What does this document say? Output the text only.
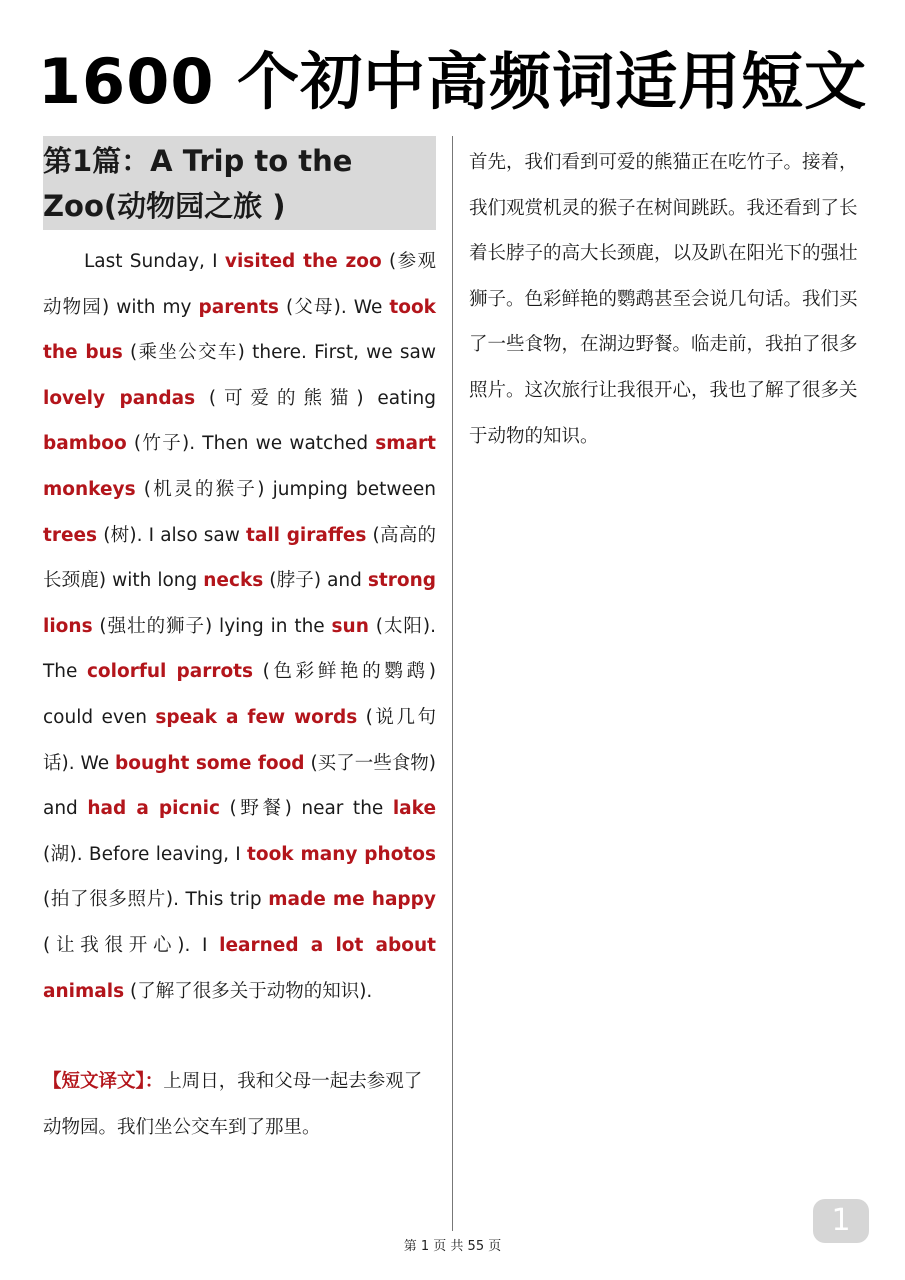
1600 个初中高频词适用短文
第1篇：A Trip to the Zoo(动物园之旅 )

Last Sunday, I visited the zoo (参观动物园) with my parents (父母). We took the bus (乘坐公交车) there. First, we saw lovely pandas (可爱的熊猫) eating bamboo (竹子). Then we watched smart monkeys (机灵的猴子) jumping between trees (树). I also saw tall giraffes (高高的长颈鹿) with long necks (脖子) and strong lions (强壮的狮子) lying in the sun (太阳). The colorful parrots (色彩鲜艳的鹦鹉) could even speak a few words (说几句话). We bought some food (买了一些食物) and had a picnic (野餐) near the lake (湖). Before leaving, I took many photos (拍了很多照片). This trip made me happy (让我很开心). I learned a lot about animals (了解了很多关于动物的知识).

【短文译文】：上周日，我和父母一起去参观了动物园。我们坐公交车到了那里。

首先，我们看到可爱的熊猫正在吃竹子。接着，我们观赏机灵的猴子在树间跳跃。我还看到了长着长脖子的高大长颈鹿，以及趴在阳光下的强壮狮子。色彩鲜艳的鹦鹉甚至会说几句话。我们买了一些食物，在湖边野餐。临走前，我拍了很多照片。这次旅行让我很开心，我也了解了很多关于动物的知识。

第 1 页 共 55 页
1
